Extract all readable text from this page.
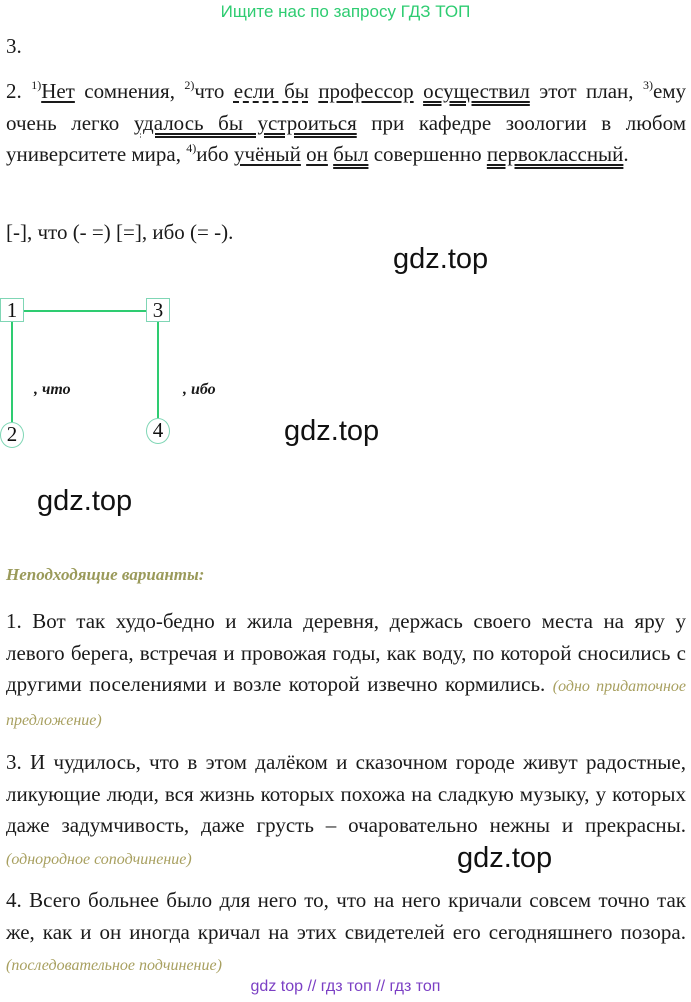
Ищите нас по запросу ГДЗ ТОП
3.
2. $^{1)}$Нет сомнения, $^{2)}$что если бы профессор осуществил этот план, $^{3)}$ему очень легко удалось бы устроиться при кафедре зоологии в любом университете мира, $^{4)}$ибо учёный он был совершенно первоклассный.
[-], что (- =) [=], ибо (= -).
gdz.top
gdz.top
gdz.top
gdz.top
1	3
2	4
, что	, ибо
Неподходящие варианты:
1. Вот так худо-бедно и жила деревня, держась своего места на яру у левого берега, встречая и провожая годы, как воду, по которой сносились с другими поселениями и возле которой извечно кормились. (одно придаточное предложение)
3. И чудилось, что в этом далёком и сказочном городе живут радостные, ликующие люди, вся жизнь которых похожа на сладкую музыку, у которых даже задумчивость, даже грусть – очаровательно нежны и прекрасны. (однородное соподчинение)
4. Всего больнее было для него то, что на него кричали совсем точно так же, как и он иногда кричал на этих свидетелей его сегодняшнего позора. (последовательное подчинение)
gdz top // гдз топ // гдз топ
